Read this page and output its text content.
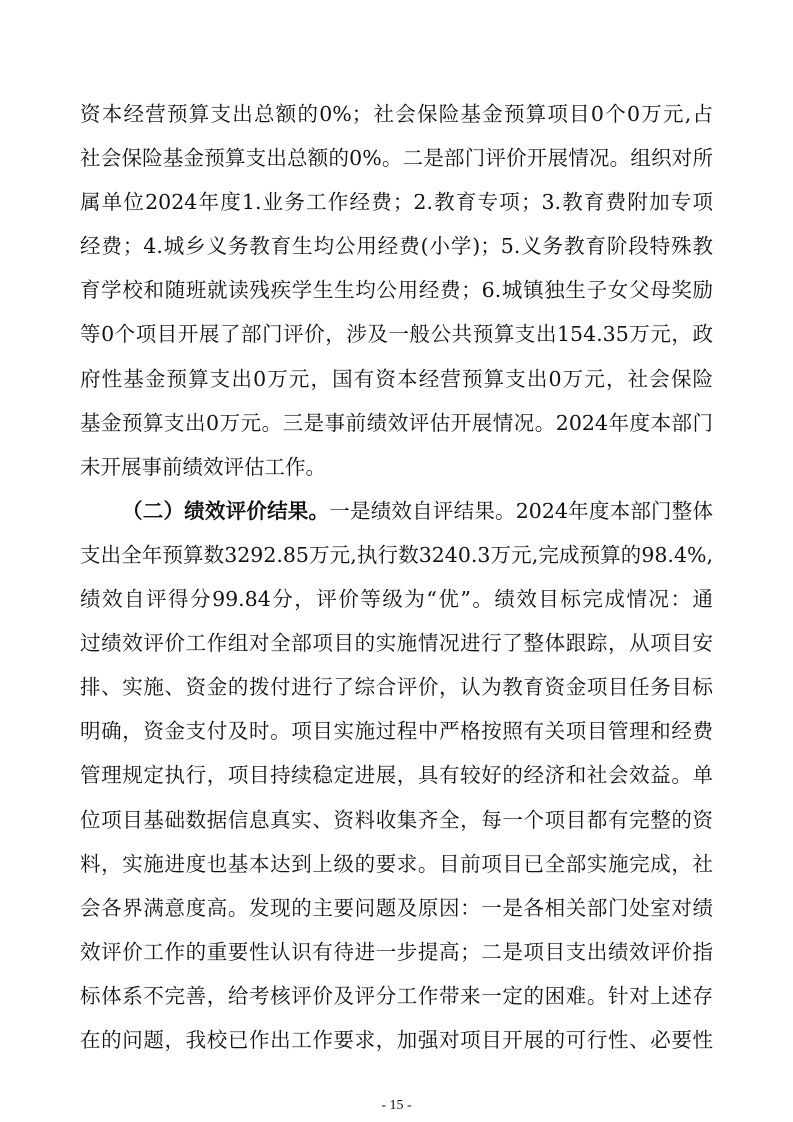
资本经营预算支出总额的0%；社会保险基金预算项目0个0万元,占
社会保险基金预算支出总额的0%。二是部门评价开展情况。组织对所
属单位2024年度1.业务工作经费；2.教育专项；3.教育费附加专项
经费；4.城乡义务教育生均公用经费(小学)；5.义务教育阶段特殊教
育学校和随班就读残疾学生生均公用经费；6.城镇独生子女父母奖励
等0个项目开展了部门评价，涉及一般公共预算支出154.35万元，政
府性基金预算支出0万元，国有资本经营预算支出0万元，社会保险
基金预算支出0万元。三是事前绩效评估开展情况。2024年度本部门
未开展事前绩效评估工作。
（二）绩效评价结果。一是绩效自评结果。2024年度本部门整体
支出全年预算数3292.85万元,执行数3240.3万元,完成预算的98.4%,
绩效自评得分99.84分，评价等级为“优”。绩效目标完成情况：通
过绩效评价工作组对全部项目的实施情况进行了整体跟踪，从项目安
排、实施、资金的拨付进行了综合评价，认为教育资金项目任务目标
明确，资金支付及时。项目实施过程中严格按照有关项目管理和经费
管理规定执行，项目持续稳定进展，具有较好的经济和社会效益。单
位项目基础数据信息真实、资料收集齐全，每一个项目都有完整的资
料，实施进度也基本达到上级的要求。目前项目已全部实施完成，社
会各界满意度高。发现的主要问题及原因：一是各相关部门处室对绩
效评价工作的重要性认识有待进一步提高；二是项目支出绩效评价指
标体系不完善，给考核评价及评分工作带来一定的困难。针对上述存
在的问题，我校已作出工作要求，加强对项目开展的可行性、必要性
- 15 -
